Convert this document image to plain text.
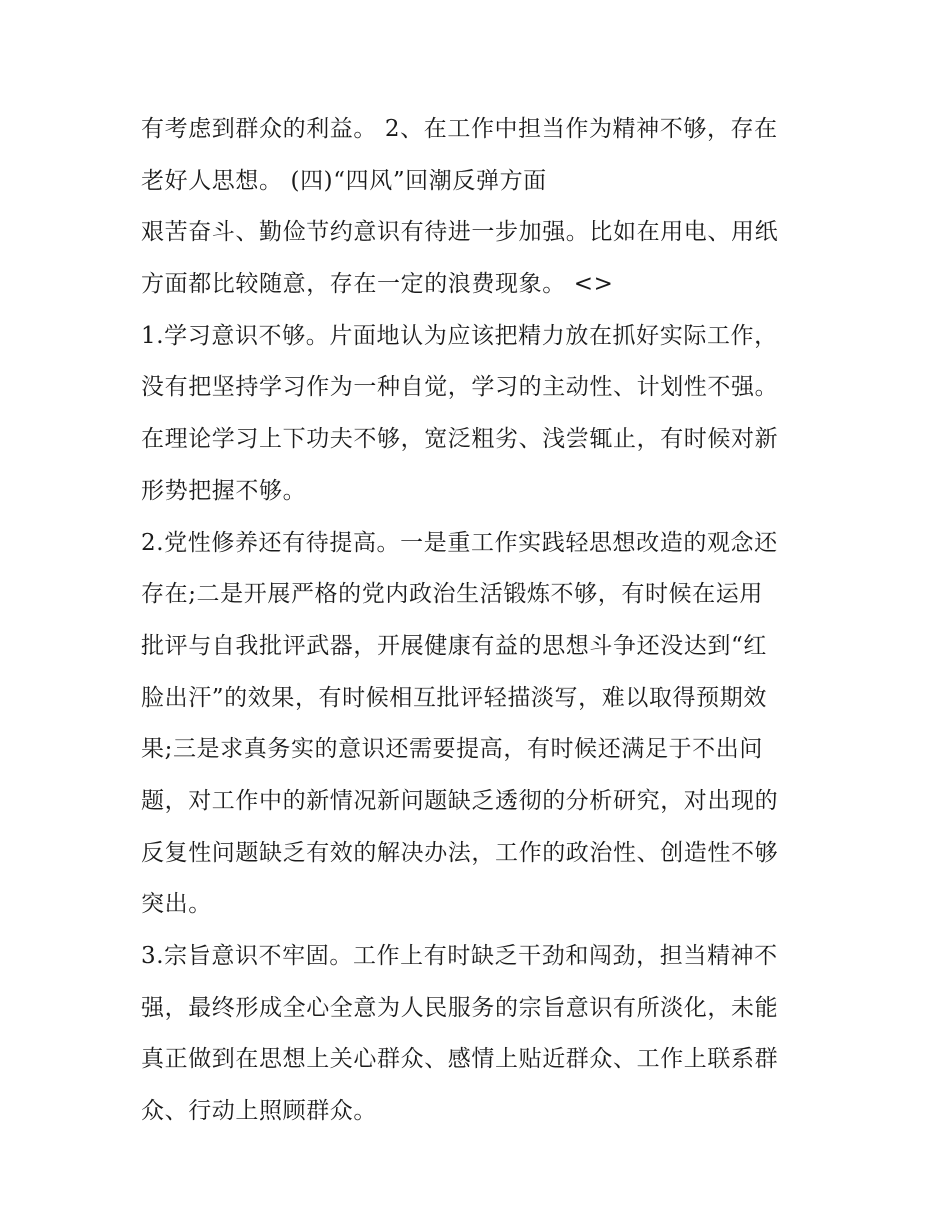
有考虑到群众的利益。 2、在工作中担当作为精神不够，存在
老好人思想。 (四)“四风”回潮反弹方面
艰苦奋斗、勤俭节约意识有待进一步加强。比如在用电、用纸
方面都比较随意，存在一定的浪费现象。 <>
1.学习意识不够。片面地认为应该把精力放在抓好实际工作，
没有把坚持学习作为一种自觉，学习的主动性、计划性不强。
在理论学习上下功夫不够，宽泛粗劣、浅尝辄止，有时候对新
形势把握不够。
2.党性修养还有待提高。一是重工作实践轻思想改造的观念还
存在;二是开展严格的党内政治生活锻炼不够，有时候在运用
批评与自我批评武器，开展健康有益的思想斗争还没达到“红
脸出汗”的效果，有时候相互批评轻描淡写，难以取得预期效
果;三是求真务实的意识还需要提高，有时候还满足于不出问
题，对工作中的新情况新问题缺乏透彻的分析研究，对出现的
反复性问题缺乏有效的解决办法，工作的政治性、创造性不够
突出。
3.宗旨意识不牢固。工作上有时缺乏干劲和闯劲，担当精神不
强，最终形成全心全意为人民服务的宗旨意识有所淡化，未能
真正做到在思想上关心群众、感情上贴近群众、工作上联系群
众、行动上照顾群众。
